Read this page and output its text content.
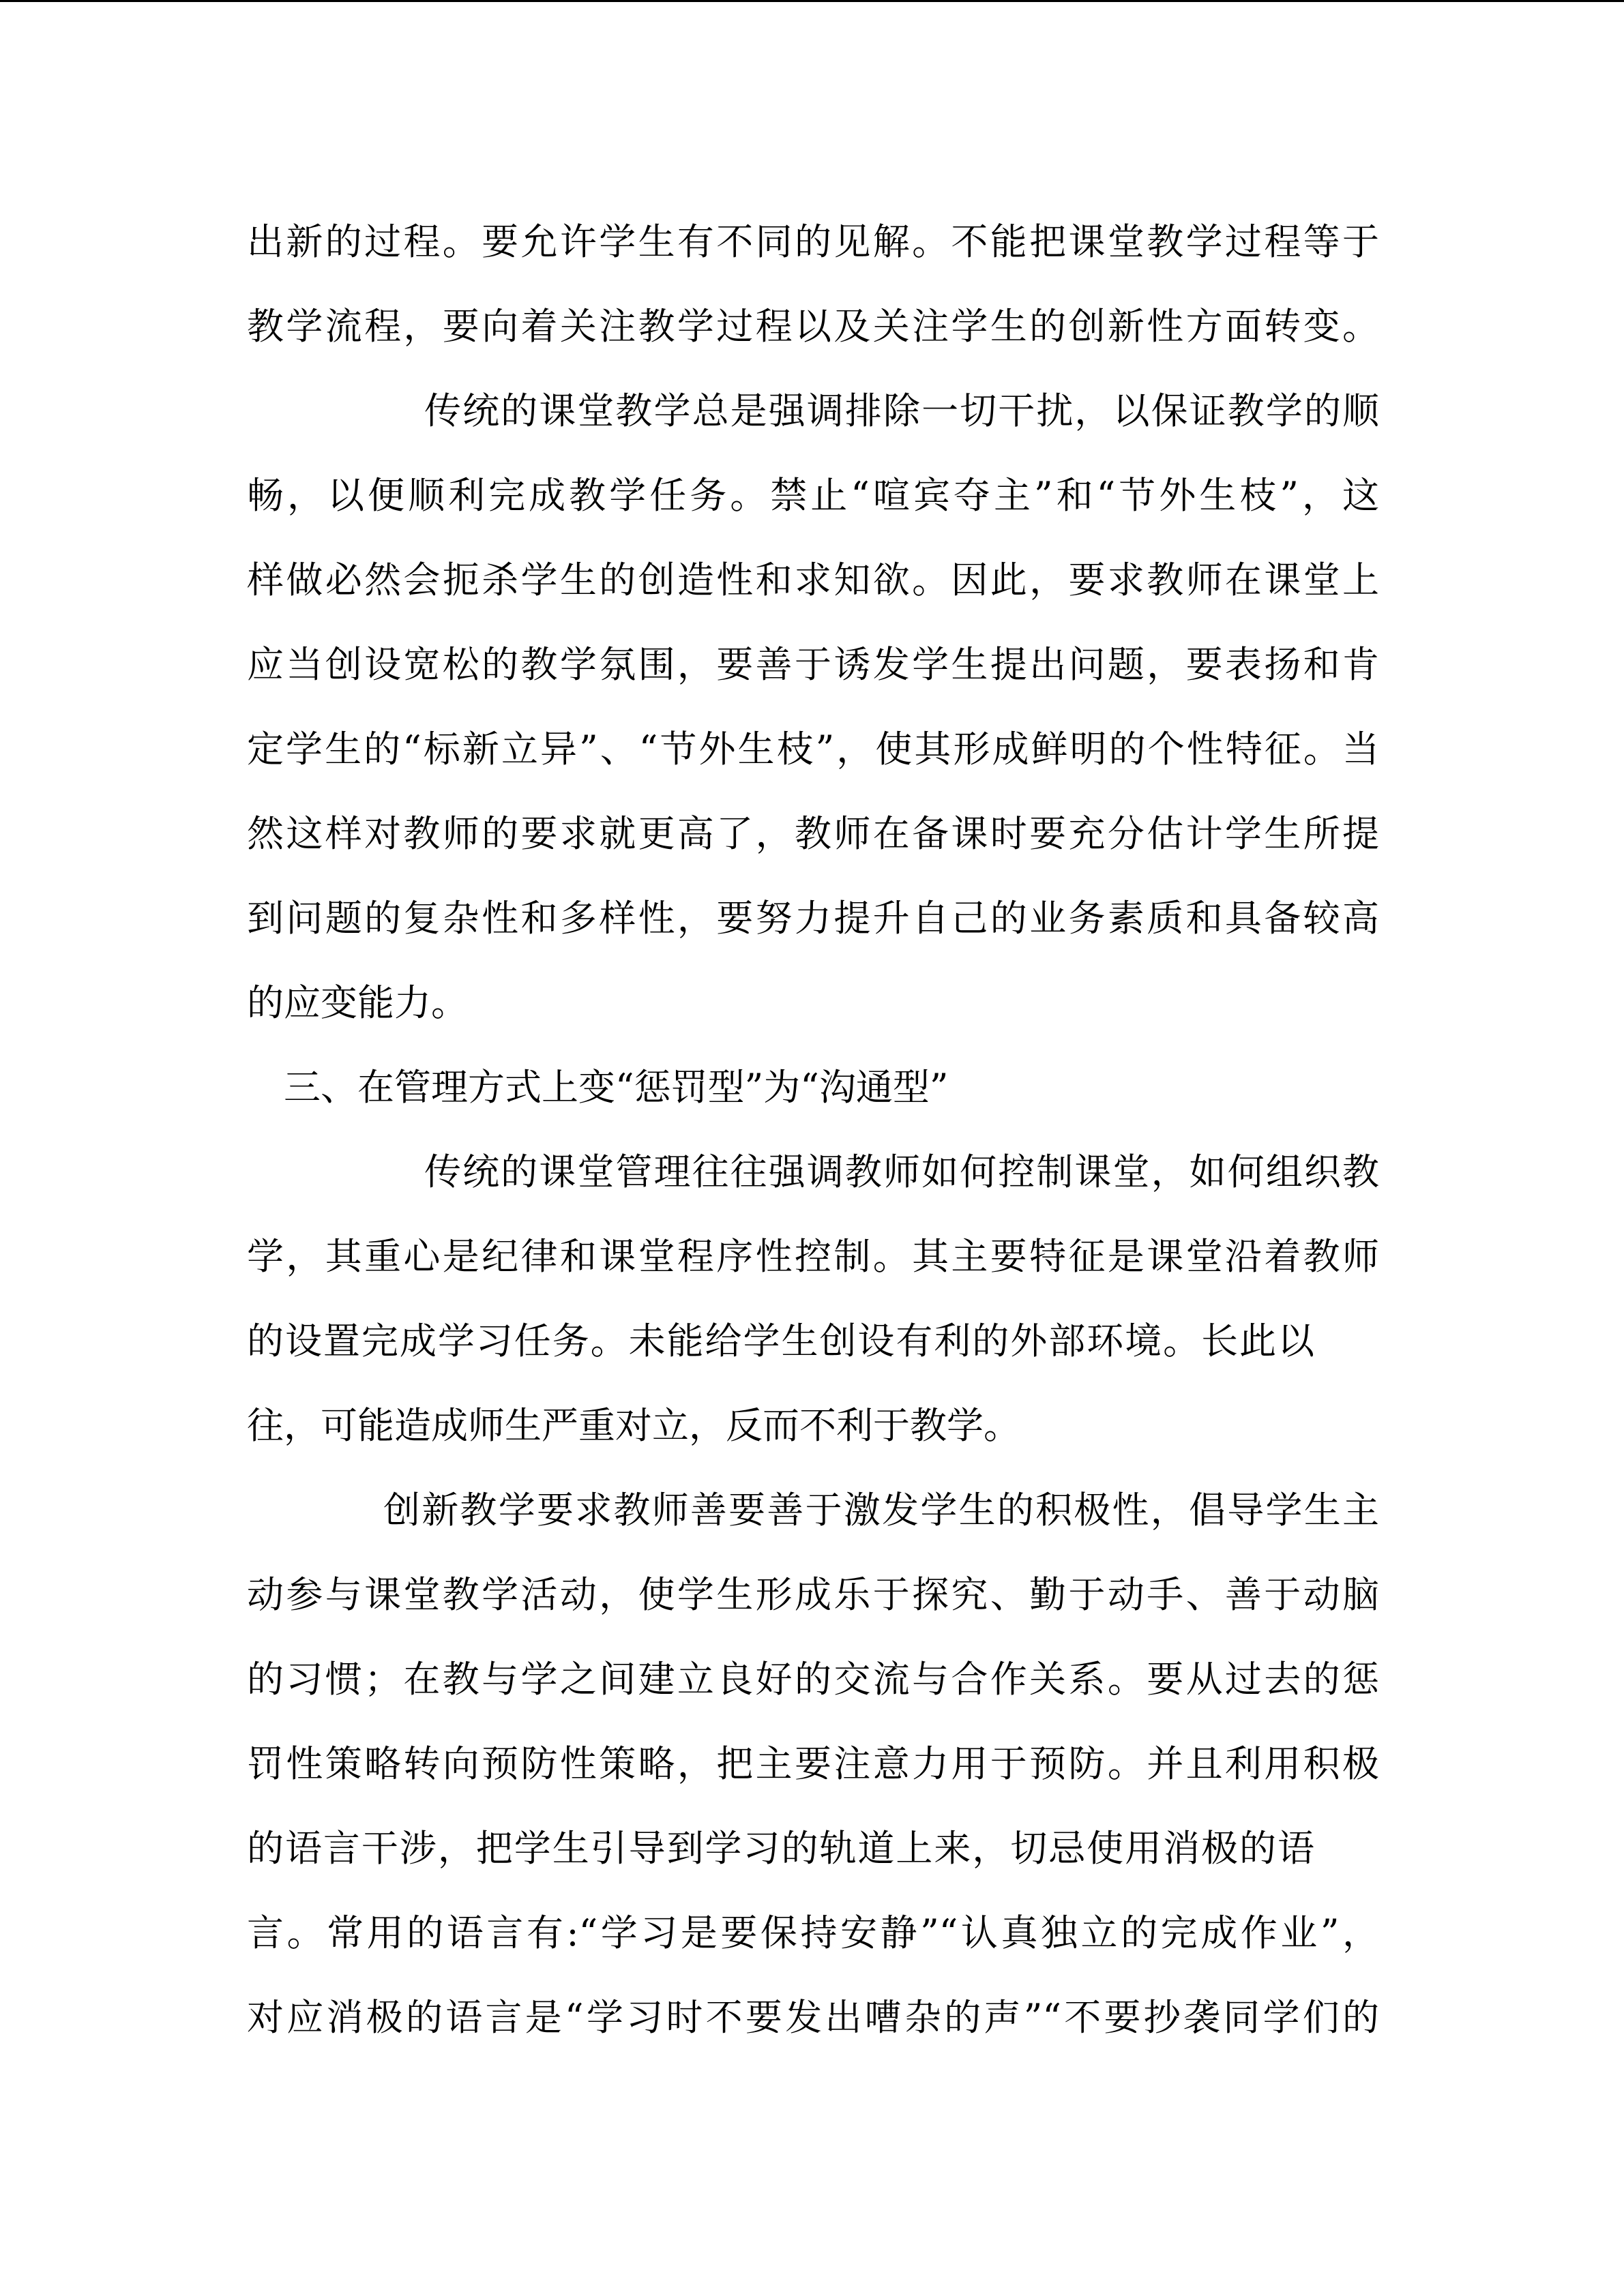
出新的过程。要允许学生有不同的见解。不能把课堂教学过程等于
教学流程，要向着关注教学过程以及关注学生的创新性方面转变。
传统的课堂教学总是强调排除一切干扰，以保证教学的顺
畅，以便顺利完成教学任务。禁止“喧宾夺主”和“节外生枝”，这
样做必然会扼杀学生的创造性和求知欲。因此，要求教师在课堂上
应当创设宽松的教学氛围，要善于诱发学生提出问题，要表扬和肯
定学生的“标新立异”、“节外生枝”，使其形成鲜明的个性特征。当
然这样对教师的要求就更高了，教师在备课时要充分估计学生所提
到问题的复杂性和多样性，要努力提升自己的业务素质和具备较高
的应变能力。
三、在管理方式上变“惩罚型”为“沟通型”
传统的课堂管理往往强调教师如何控制课堂，如何组织教
学，其重心是纪律和课堂程序性控制。其主要特征是课堂沿着教师
的设置完成学习任务。未能给学生创设有利的外部环境。长此以
往，可能造成师生严重对立，反而不利于教学。
创新教学要求教师善要善于激发学生的积极性，倡导学生主
动参与课堂教学活动，使学生形成乐于探究、勤于动手、善于动脑
的习惯；在教与学之间建立良好的交流与合作关系。要从过去的惩
罚性策略转向预防性策略，把主要注意力用于预防。并且利用积极
的语言干涉，把学生引导到学习的轨道上来，切忌使用消极的语
言。常用的语言有:“学习是要保持安静”“认真独立的完成作业”，
对应消极的语言是“学习时不要发出嘈杂的声”“不要抄袭同学们的
